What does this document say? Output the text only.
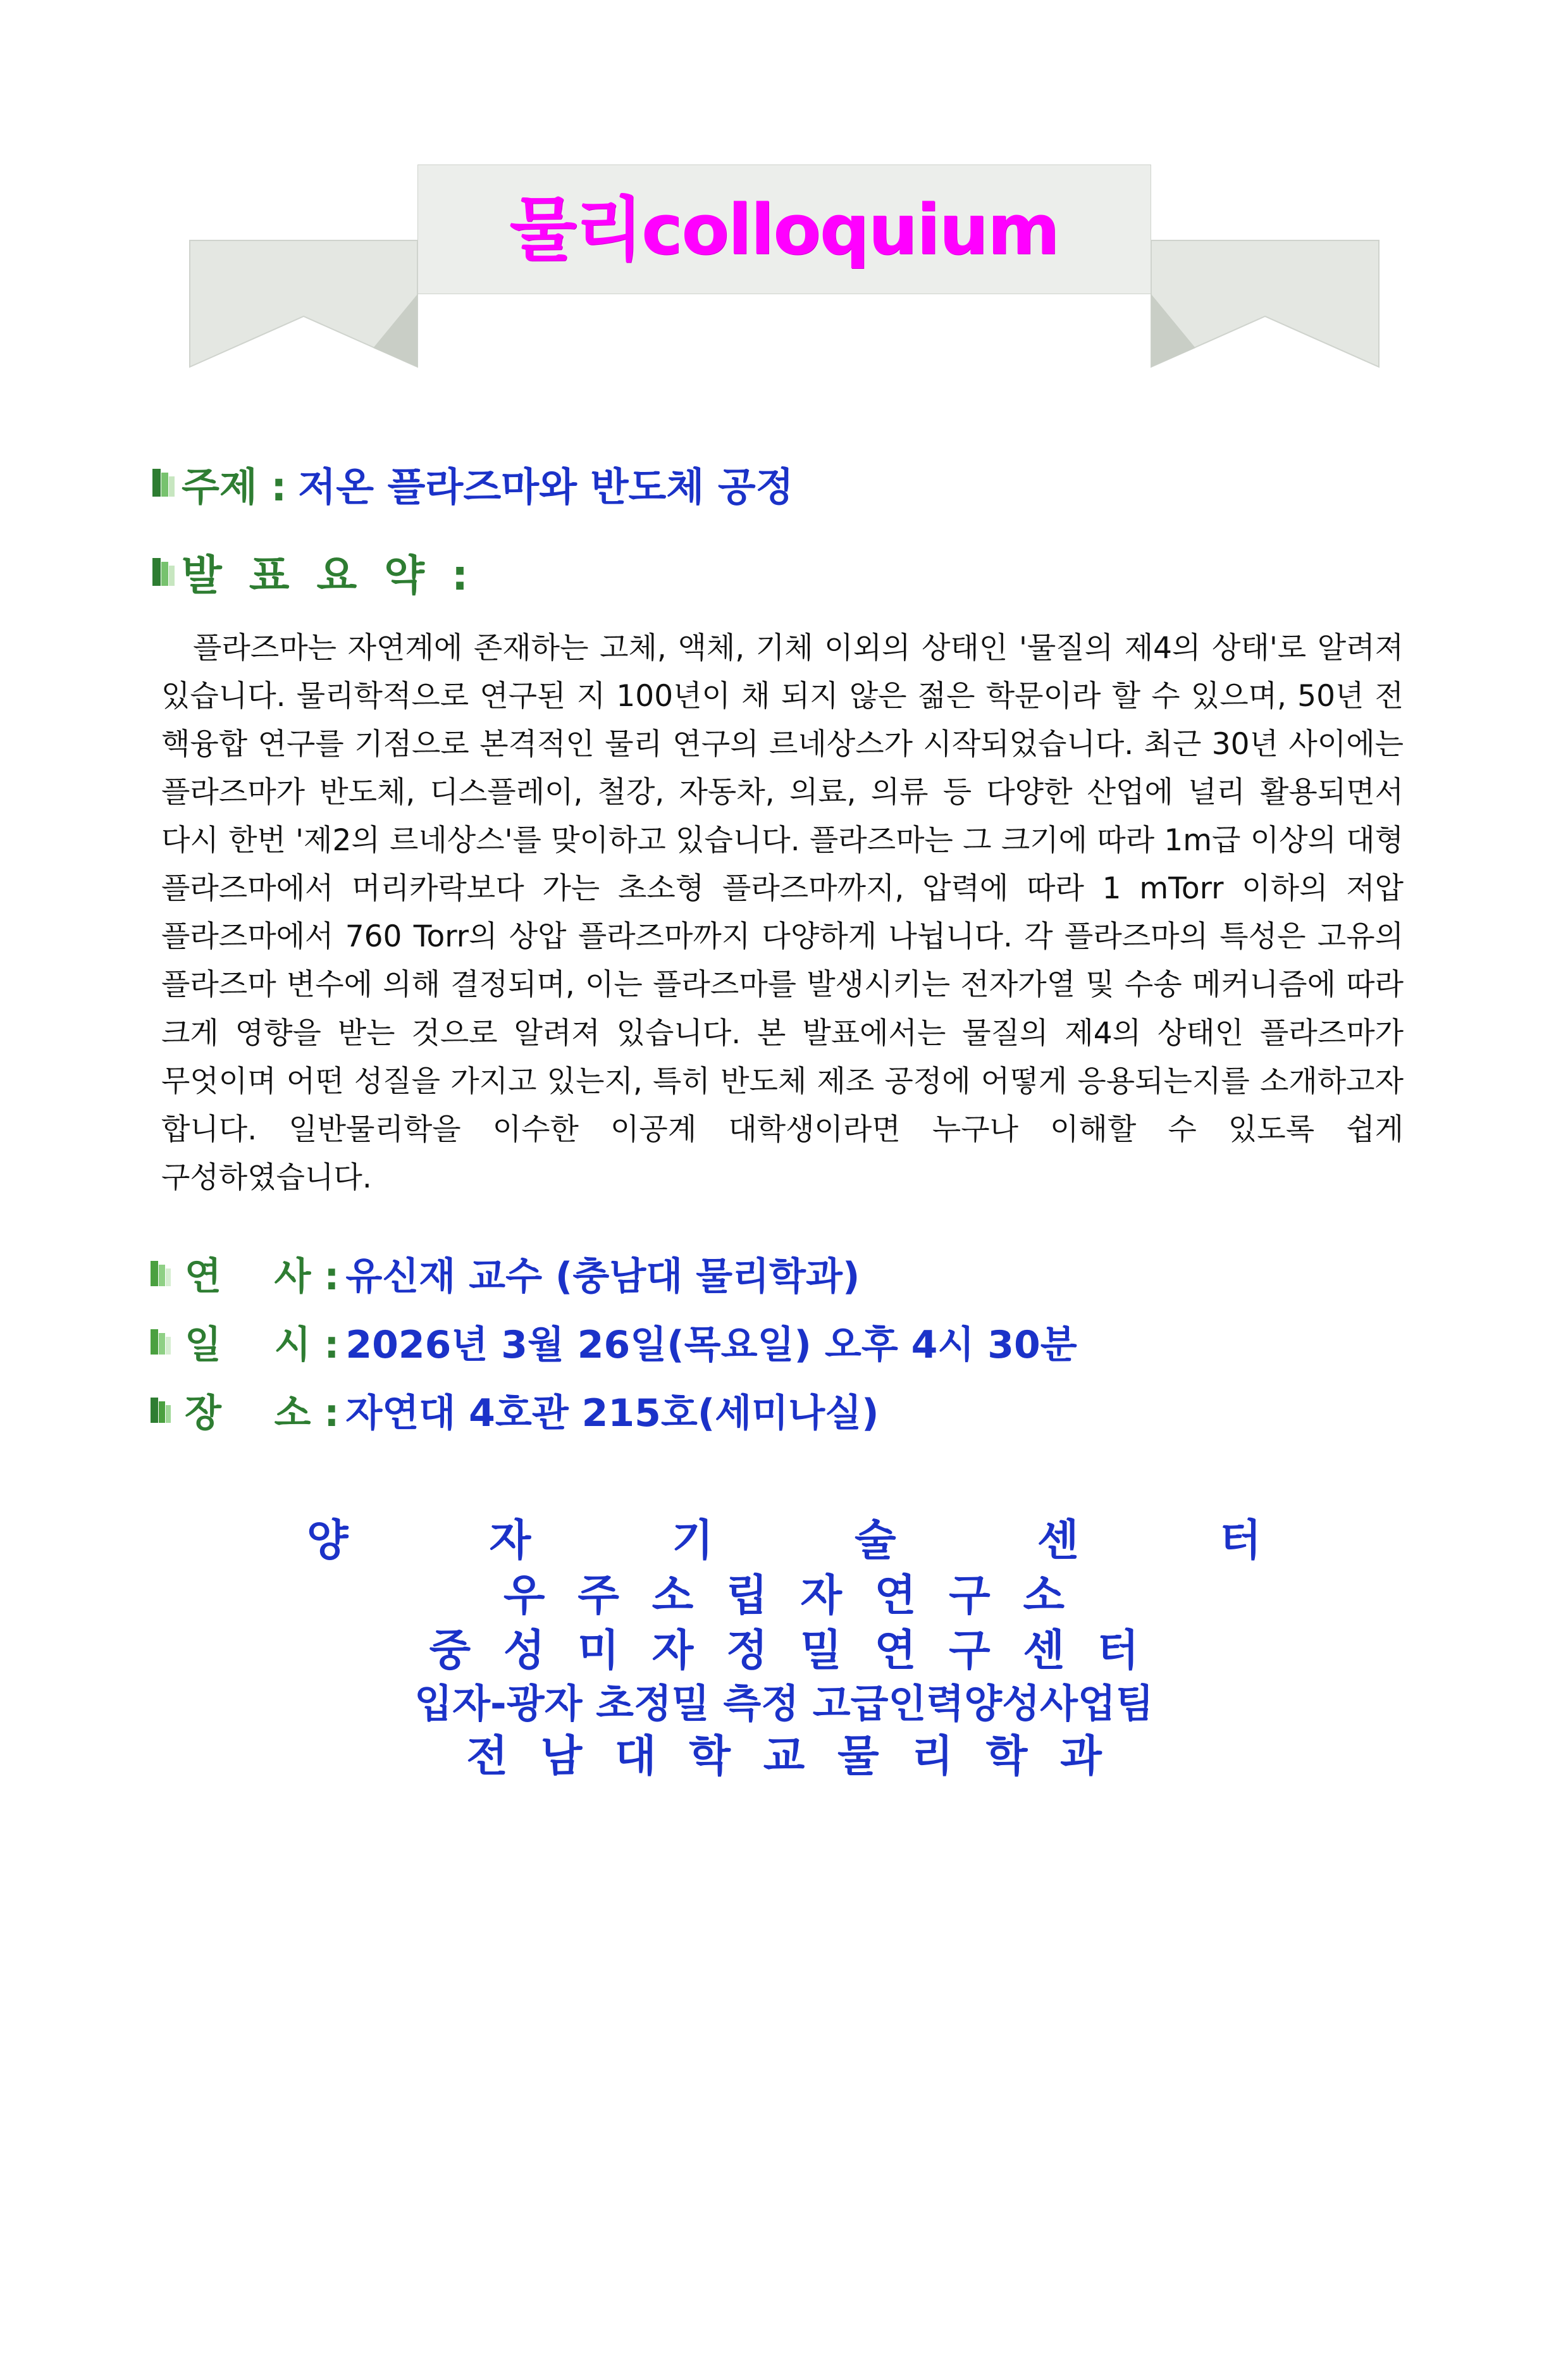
물리colloquium
주제 : 저온 플라즈마와 반도체 공정
발 표 요 약 :

플라즈마는 자연계에 존재하는 고체, 액체, 기체 이외의 상태인 '물질의 제4의 상태'로 알려져 있습니다. 물리학적으로 연구된 지 100년이 채 되지 않은 젊은 학문이라 할 수 있으며, 50년 전 핵융합 연구를 기점으로 본격적인 물리 연구의 르네상스가 시작되었습니다. 최근 30년 사이에는 플라즈마가 반도체, 디스플레이, 철강, 자동차, 의료, 의류 등 다양한 산업에 널리 활용되면서 다시 한번 '제2의 르네상스'를 맞이하고 있습니다. 플라즈마는 그 크기에 따라 1m급 이상의 대형 플라즈마에서 머리카락보다 가는 초소형 플라즈마까지, 압력에 따라 1 mTorr 이하의 저압 플라즈마에서 760 Torr의 상압 플라즈마까지 다양하게 나뉩니다. 각 플라즈마의 특성은 고유의 플라즈마 변수에 의해 결정되며, 이는 플라즈마를 발생시키는 전자가열 및 수송 메커니즘에 따라 크게 영향을 받는 것으로 알려져 있습니다. 본 발표에서는 물질의 제4의 상태인 플라즈마가 무엇이며 어떤 성질을 가지고 있는지, 특히 반도체 제조 공정에 어떻게 응용되는지를 소개하고자 합니다. 일반물리학을 이수한 이공계 대학생이라면 누구나 이해할 수 있도록 쉽게 구성하였습니다.

연    사 : 유신재 교수 (충남대 물리학과)
일    시 : 2026년 3월 26일(목요일) 오후 4시 30분
장    소 : 자연대 4호관 215호(세미나실)
양   자   기   술   센   터
우 주 소 립 자 연 구 소
중 성 미 자 정 밀 연 구 센 터
입자-광자 초정밀 측정 고급인력양성사업팀
전 남 대 학 교 물 리 학 과
